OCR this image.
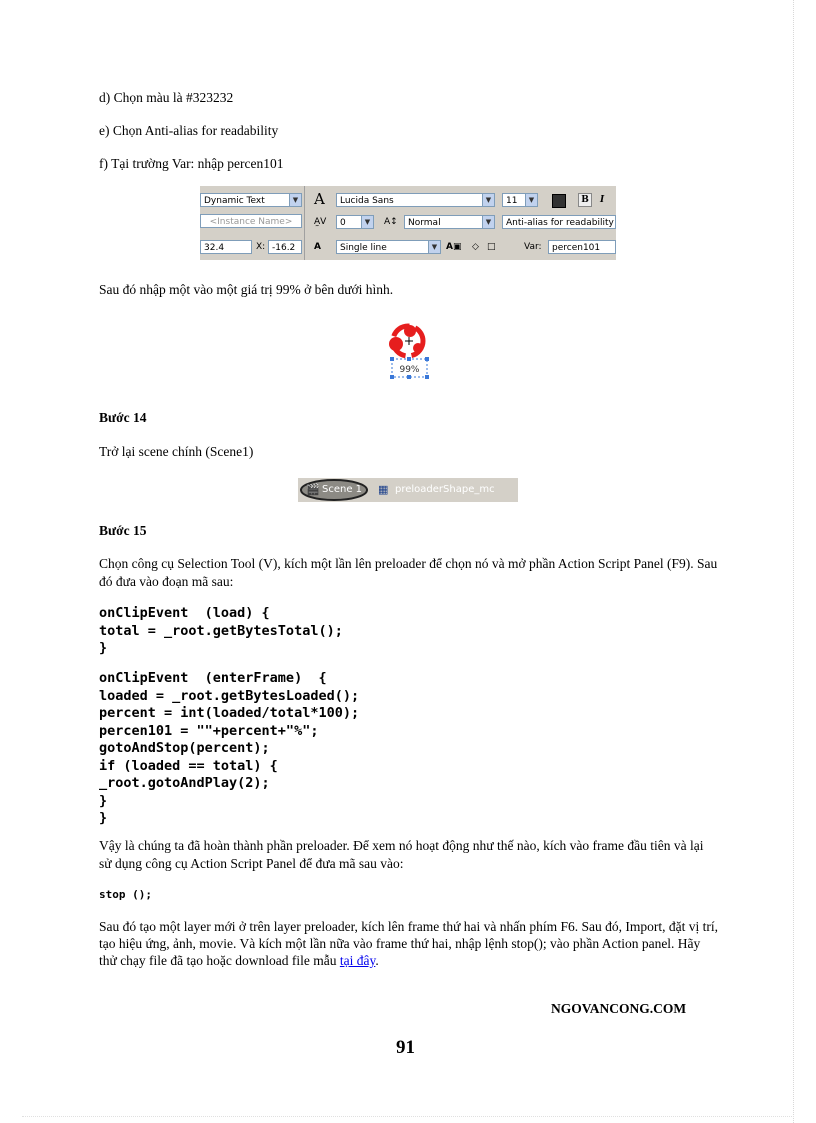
d) Chọn màu là #323232

e) Chọn Anti-alias for readability

f) Tại trường Var: nhập percen101

Dynamic Text	▼
<Instance Name>
32.4	X: -16.2
A	Lucida Sans	▼
A̰V	0	▼	A↕	Normal	▼
A	Single line	▼ A▣ ◇ □
11	▼	B	I
Anti-alias for readability
Var:	percen101

Sau đó nhập một vào một giá trị 99% ở bên dưới hình.

99%

Bước 14

Trở lại scene chính (Scene1)

🎬 Scene 1 ▦ preloaderShape_mc

Bước 15

Chọn công cụ Selection Tool (V), kích một lần lên preloader để chọn nó và mở phần Action Script Panel (F9). Sau đó đưa vào đoạn mã sau:

onClipEvent  (load) {
total = _root.getBytesTotal();
}
onClipEvent  (enterFrame)  {
loaded = _root.getBytesLoaded();
percent = int(loaded/total*100);
percen101 = ""+percent+"%";
gotoAndStop(percent);
if (loaded == total) {
_root.gotoAndPlay(2);
}
}

Vậy là chúng ta đã hoàn thành phần preloader. Để xem nó hoạt động như thế nào, kích vào frame đầu tiên và lại sử dụng công cụ Action Script Panel để đưa mã sau vào:

stop ();

Sau đó tạo một layer mới ở trên layer preloader, kích lên frame thứ hai và nhấn phím F6. Sau đó, Import, đặt vị trí, tạo hiệu ứng, ảnh, movie. Và kích một lần nữa vào frame thứ hai, nhập lệnh stop(); vào phần Action panel. Hãy thử chạy file đã tạo hoặc download file mẫu tại đây.

NGOVANCONG.COM
91
